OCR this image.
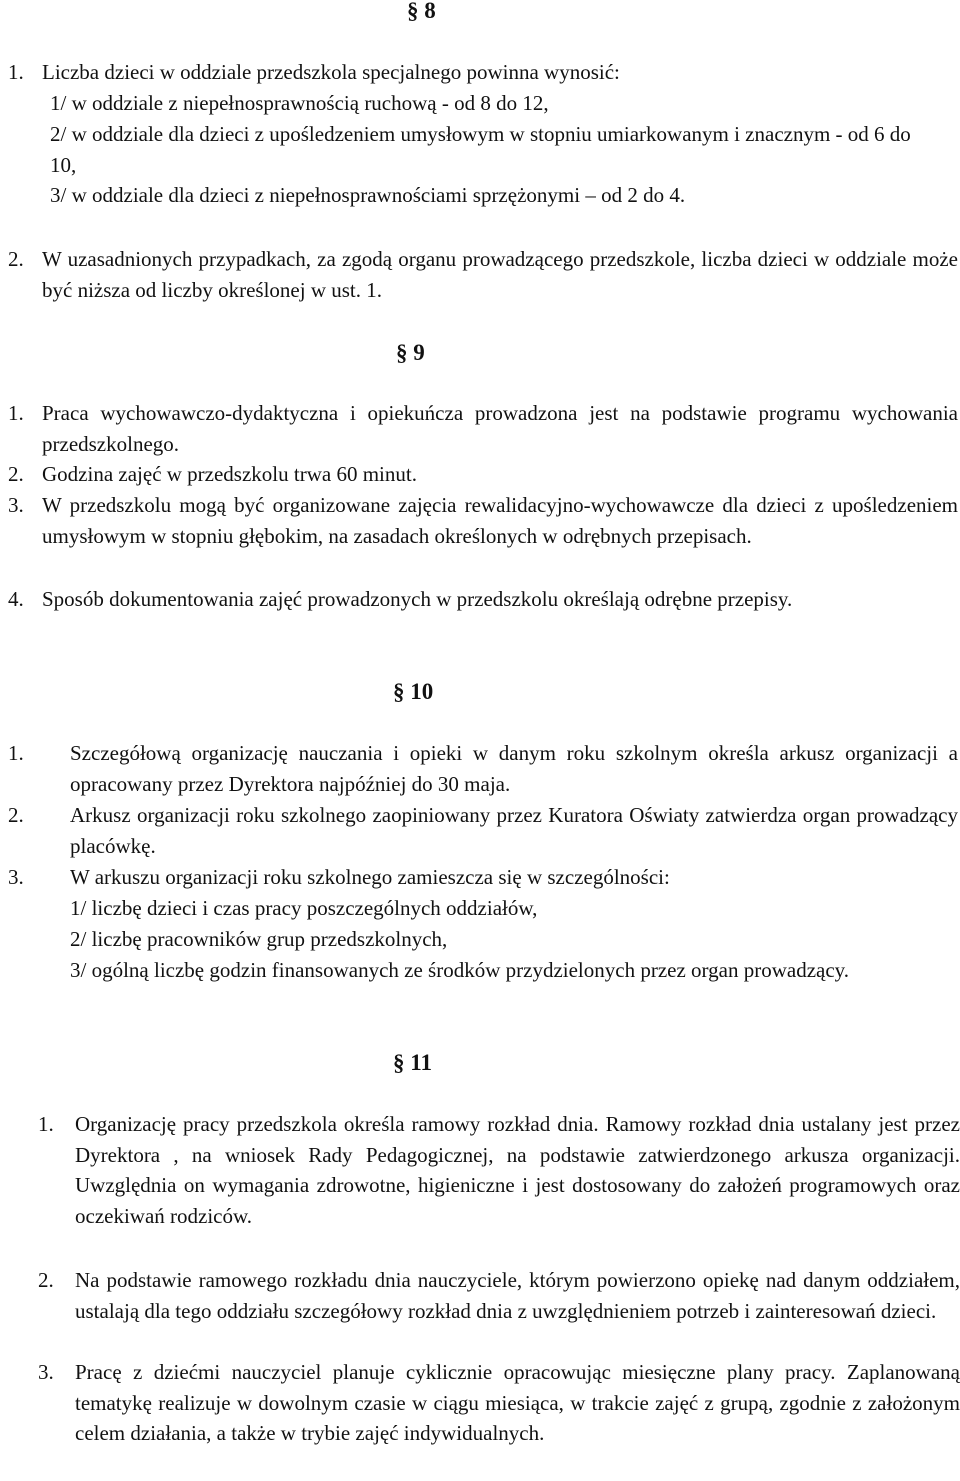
§ 8
1. Liczba dzieci w oddziale przedszkola specjalnego powinna wynosić:
1/ w oddziale z niepełnosprawnością ruchową - od 8 do 12,
2/ w oddziale dla dzieci z upośledzeniem umysłowym w stopniu umiarkowanym i znacznym - od 6 do 10,
3/ w oddziale dla dzieci z niepełnosprawnościami sprzężonymi – od 2 do 4.
2. W uzasadnionych przypadkach, za zgodą organu prowadzącego przedszkole, liczba dzieci w oddziale może być niższa od liczby określonej w ust. 1.
§ 9
1. Praca wychowawczo-dydaktyczna i opiekuńcza prowadzona jest na podstawie programu wychowania przedszkolnego.
2. Godzina zajęć w przedszkolu trwa 60 minut.
3. W przedszkolu mogą być organizowane zajęcia rewalidacyjno-wychowawcze dla dzieci z upośledzeniem umysłowym w stopniu głębokim, na zasadach określonych w odrębnych przepisach.
4. Sposób dokumentowania zajęć prowadzonych w przedszkolu określają odrębne przepisy.
§ 10
1.	Szczegółową organizację nauczania i opieki w danym roku szkolnym określa arkusz organizacji a opracowany przez Dyrektora najpóźniej do 30 maja.
2.	Arkusz organizacji roku szkolnego zaopiniowany przez Kuratora Oświaty zatwierdza organ prowadzący placówkę.
3.	W arkuszu organizacji roku szkolnego zamieszcza się w szczególności:
1/ liczbę dzieci i czas pracy poszczególnych oddziałów,
2/ liczbę pracowników grup przedszkolnych,
3/ ogólną liczbę godzin finansowanych ze środków przydzielonych przez organ prowadzący.
§ 11
1.	Organizację pracy przedszkola określa ramowy rozkład dnia. Ramowy rozkład dnia ustalany jest przez Dyrektora , na wniosek Rady Pedagogicznej, na podstawie zatwierdzonego arkusza organizacji. Uwzględnia on wymagania zdrowotne, higieniczne i jest dostosowany do założeń programowych oraz oczekiwań rodziców.
2.	Na podstawie ramowego rozkładu dnia nauczyciele, którym powierzono opiekę nad danym oddziałem, ustalają dla tego oddziału szczegółowy rozkład dnia z uwzględnieniem potrzeb i zainteresowań dzieci.
3.	Pracę z dziećmi nauczyciel planuje cyklicznie opracowując miesięczne plany pracy. Zaplanowaną tematykę realizuje w dowolnym czasie w ciągu miesiąca, w trakcie zajęć z grupą, zgodnie z założonym celem działania, a także w trybie zajęć indywidualnych.
